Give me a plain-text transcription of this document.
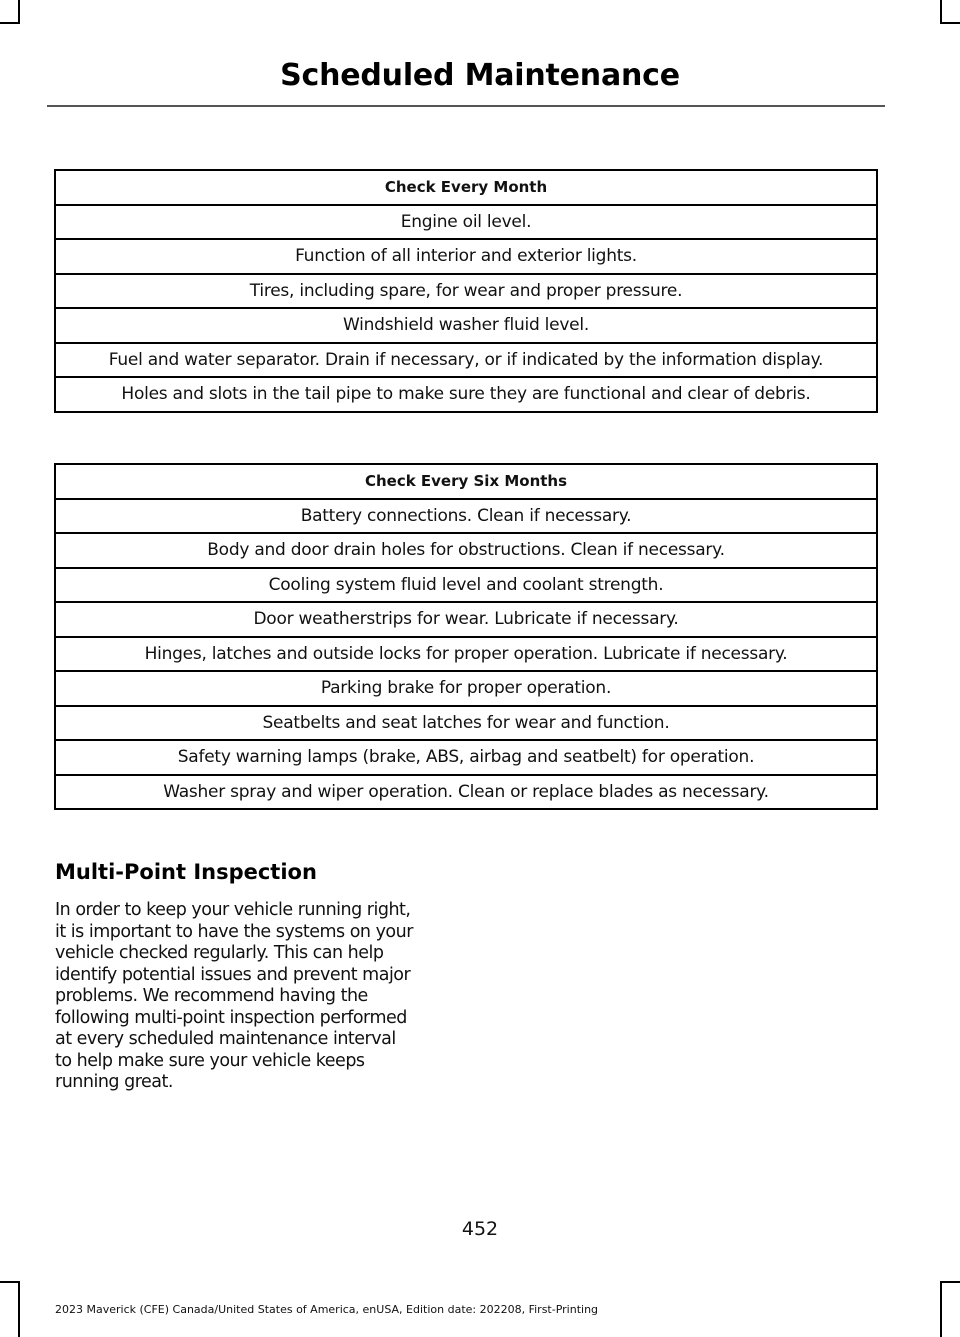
Scheduled Maintenance
Check Every Month
Engine oil level.
Function of all interior and exterior lights.
Tires, including spare, for wear and proper pressure.
Windshield washer fluid level.
Fuel and water separator. Drain if necessary, or if indicated by the information display.
Holes and slots in the tail pipe to make sure they are functional and clear of debris.
Check Every Six Months
Battery connections. Clean if necessary.
Body and door drain holes for obstructions. Clean if necessary.
Cooling system fluid level and coolant strength.
Door weatherstrips for wear. Lubricate if necessary.
Hinges, latches and outside locks for proper operation. Lubricate if necessary.
Parking brake for proper operation.
Seatbelts and seat latches for wear and function.
Safety warning lamps (brake, ABS, airbag and seatbelt) for operation.
Washer spray and wiper operation. Clean or replace blades as necessary.
Multi-Point Inspection
In order to keep your vehicle running right,
it is important to have the systems on your
vehicle checked regularly. This can help
identify potential issues and prevent major
problems. We recommend having the
following multi-point inspection performed
at every scheduled maintenance interval
to help make sure your vehicle keeps
running great.
452
2023 Maverick (CFE) Canada/United States of America, enUSA, Edition date: 202208, First-Printing
